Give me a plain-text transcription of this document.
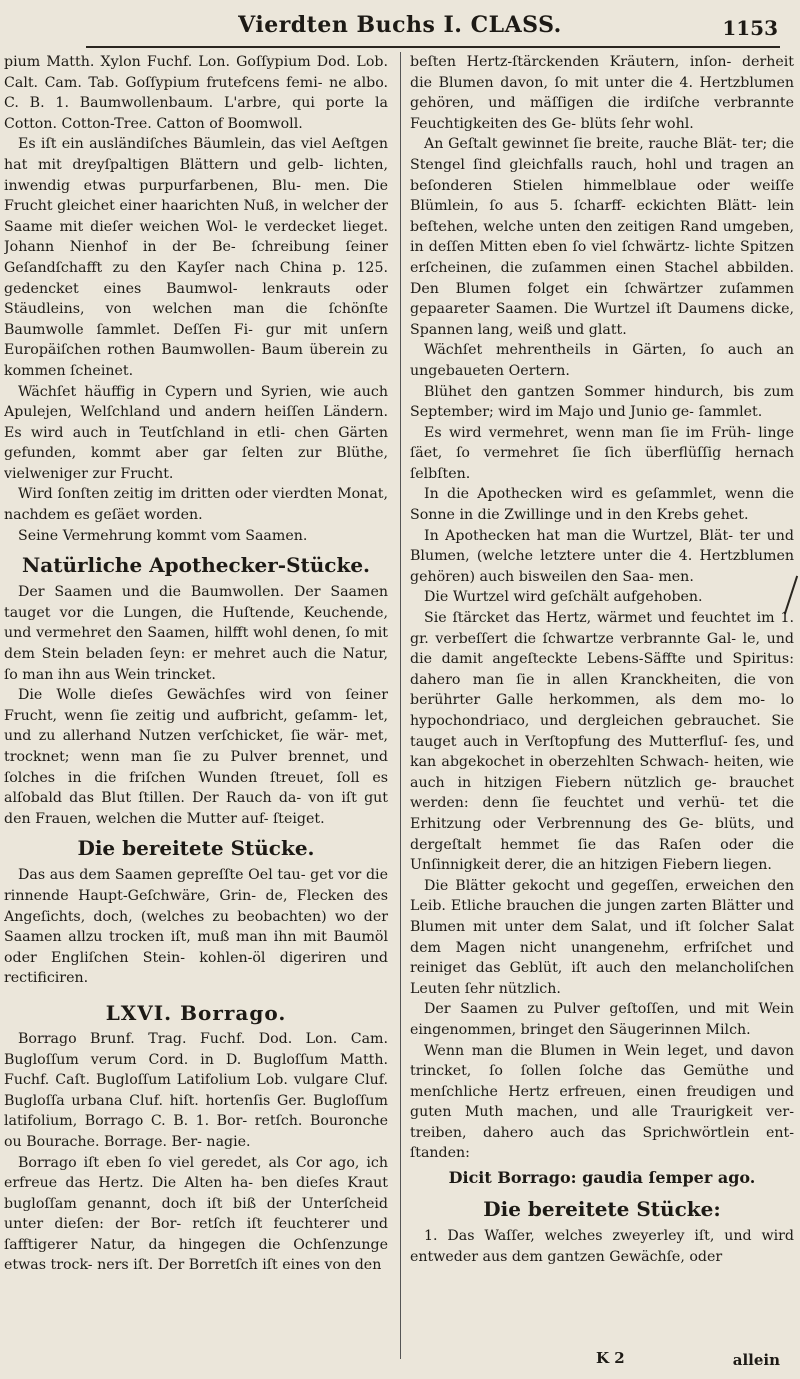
Vierdten Buchs I. CLASS.	1153

pium Matth. Xylon Fuchf. Lon. Goſſypium Dod. Lob. Calt. Cam. Tab. Goſſypium frutefcens femi- ne albo. C. B. 1. Baumwollenbaum. L'arbre, qui porte la Cotton. Cotton-Tree. Catton of Boomwoll.

Es iſt ein ausländiſches Bäumlein, das viel Aeſtgen hat mit dreyſpaltigen Blättern und gelb- lichten, inwendig etwas purpurfarbenen, Blu- men. Die Frucht gleichet einer haarichten Nuß, in welcher der Saame mit dieſer weichen Wol- le verdecket lieget. Johann Nienhof in der Be- ſchreibung ſeiner Geſandſchafft zu den Kayſer nach China p. 125. gedencket eines Baumwol- lenkrauts oder Stäudleins, von welchen man die ſchönſte Baumwolle ſammlet. Deſſen Fi- gur mit unſern Europäiſchen rothen Baumwollen- Baum überein zu kommen ſcheinet.

Wächſet häuffig in Cypern und Syrien, wie auch Apulejen, Welſchland und andern heiſſen Ländern. Es wird auch in Teutſchland in etli- chen Gärten gefunden, kommt aber gar ſelten zur Blüthe, vielweniger zur Frucht.

Wird ſonſten zeitig im dritten oder vierdten Monat, nachdem es geſäet worden.

Seine Vermehrung kommt vom Saamen.

Natürliche Apothecker-Stücke.

Der Saamen und die Baumwollen. Der Saamen tauget vor die Lungen, die Huſtende, Keuchende, und vermehret den Saamen, hilfft wohl denen, ſo mit dem Stein beladen ſeyn: er mehret auch die Natur, ſo man ihn aus Wein trincket.

Die Wolle dieſes Gewächſes wird von ſeiner Frucht, wenn ſie zeitig und aufbricht, geſamm- let, und zu allerhand Nutzen verſchicket, ſie wär- met, trocknet; wenn man ſie zu Pulver brennet, und ſolches in die friſchen Wunden ſtreuet, ſoll es alſobald das Blut ſtillen. Der Rauch da- von iſt gut den Frauen, welchen die Mutter auf- ſteiget.

Die bereitete Stücke.

Das aus dem Saamen gepreſſte Oel tau- get vor die rinnende Haupt-Geſchwäre, Grin- de, Flecken des Angeſichts, doch, (welches zu beobachten) wo der Saamen allzu trocken iſt, muß man ihn mit Baumöl oder Engliſchen Stein- kohlen-öl digeriren und rectificiren.

LXVI. Borrago.

Borrago Brunf. Trag. Fuchf. Dod. Lon. Cam. Bugloſſum verum Cord. in D. Bugloſſum Matth. Fuchf. Caſt. Bugloſſum Latifolium Lob. vulgare Cluf. Bugloſſa urbana Cluf. hiſt. hortenſis Ger. Bugloſſum latifolium, Borrago C. B. 1. Bor- retſch. Bouronche ou Bourache. Borrage. Ber- nagie.

Borrago iſt eben ſo viel geredet, als Cor ago, ich erfreue das Hertz. Die Alten ha- ben dieſes Kraut bugloſſam genannt, doch iſt biß der Unterſcheid unter dieſen: der Bor- retſch iſt feuchterer und ſafftigerer Natur, da hingegen die Ochſenzunge etwas trock- ners iſt. Der Borretſch iſt eines von den

beſten Hertz-ſtärckenden Kräutern, inſon- derheit die Blumen davon, ſo mit unter die 4. Hertzblumen gehören, und mäſſigen die irdiſche verbrannte Feuchtigkeiten des Ge- blüts ſehr wohl.

An Geſtalt gewinnet ſie breite, rauche Blät- ter; die Stengel ſind gleichfalls rauch, hohl und tragen an beſonderen Stielen himmelblaue oder weiſſe Blümlein, ſo aus 5. ſcharff- eckichten Blätt- lein beſtehen, welche unten den zeitigen Rand umgeben, in deſſen Mitten eben ſo viel ſchwärtz- lichte Spitzen erſcheinen, die zuſammen einen Stachel abbilden. Den Blumen folget ein ſchwärtzer zuſammen gepaareter Saamen. Die Wurtzel iſt Daumens dicke, Spannen lang, weiß und glatt.

Wächſet mehrentheils in Gärten, ſo auch an ungebaueten Oertern.

Blühet den gantzen Sommer hindurch, bis zum September; wird im Majo und Junio ge- ſammlet.

Es wird vermehret, wenn man ſie im Früh- linge ſäet, ſo vermehret ſie ſich überflüſſig hernach ſelbſten.

In die Apothecken wird es geſammlet, wenn die Sonne in die Zwillinge und in den Krebs gehet.

In Apothecken hat man die Wurtzel, Blät- ter und Blumen, (welche letztere unter die 4. Hertzblumen gehören) auch bisweilen den Saa- men.

Die Wurtzel wird geſchält aufgehoben.

Sie ſtärcket das Hertz, wärmet und feuchtet im 1. gr. verbeſſert die ſchwartze verbrannte Gal- le, und die damit angeſteckte Lebens-Säffte und Spiritus: dahero man ſie in allen Kranckheiten, die von berührter Galle herkommen, als dem mo- lo hypochondriaco, und dergleichen gebrauchet. Sie tauget auch in Verſtopfung des Mutterfluſ- ſes, und kan abgekochet in oberzehlten Schwach- heiten, wie auch in hitzigen Fiebern nützlich ge- brauchet werden: denn ſie feuchtet und verhü- tet die Erhitzung oder Verbrennung des Ge- blüts, und dergeſtalt hemmet ſie das Raſen oder die Unſinnigkeit derer, die an hitzigen Fiebern liegen.

Die Blätter gekocht und gegeſſen, erweichen den Leib. Etliche brauchen die jungen zarten Blätter und Blumen mit unter dem Salat, und iſt ſolcher Salat dem Magen nicht unangenehm, erfriſchet und reiniget das Geblüt, iſt auch den melancholiſchen Leuten ſehr nützlich.

Der Saamen zu Pulver geſtoſſen, und mit Wein eingenommen, bringet den Säugerinnen Milch.

Wenn man die Blumen in Wein leget, und davon trincket, ſo ſollen ſolche das Gemüthe und menſchliche Hertz erfreuen, einen freudigen und guten Muth machen, und alle Traurigkeit ver- treiben, dahero auch das Sprichwörtlein ent- ſtanden:

Dicit Borrago: gaudia ſemper ago.
Die bereitete Stücke:

1. Das Waſſer, welches zweyerley iſt, und wird entweder aus dem gantzen Gewächſe, oder

K 2	allein
